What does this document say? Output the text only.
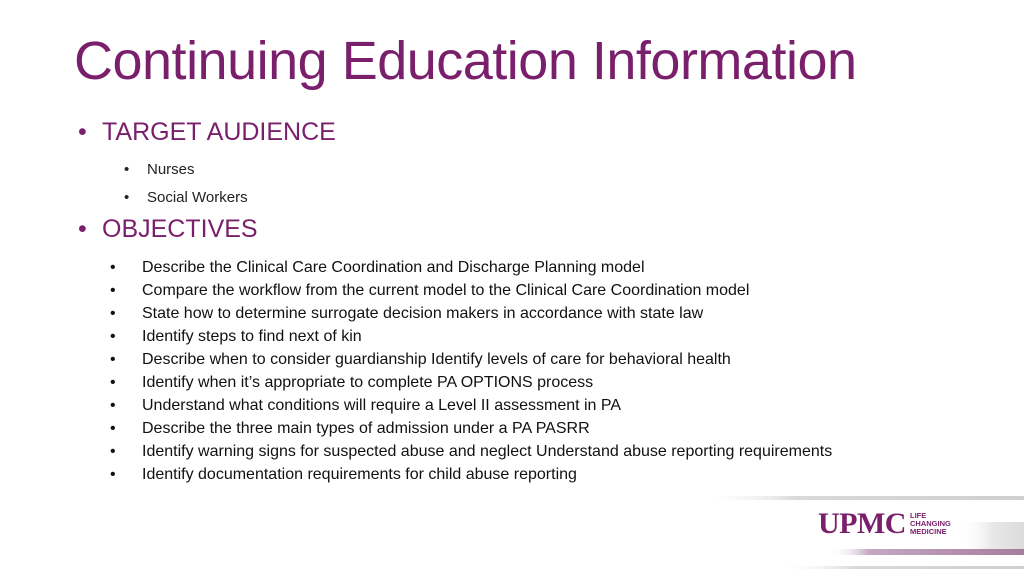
Continuing Education Information
• TARGET AUDIENCE
• Nurses
• Social Workers
• OBJECTIVES
• Describe the Clinical Care Coordination and Discharge Planning model
• Compare the workflow from the current model to the Clinical Care Coordination model
• State how to determine surrogate decision makers in accordance with state law
• Identify steps to find next of kin
• Describe when to consider guardianship Identify levels of care for behavioral health
• Identify when it’s appropriate to complete PA OPTIONS process
• Understand what conditions will require a Level II assessment in PA
• Describe the three main types of admission under a PA PASRR
• Identify warning signs for suspected abuse and neglect Understand abuse reporting requirements
• Identify documentation requirements for child abuse reporting
UPMC LIFE
CHANGING
MEDICINE
